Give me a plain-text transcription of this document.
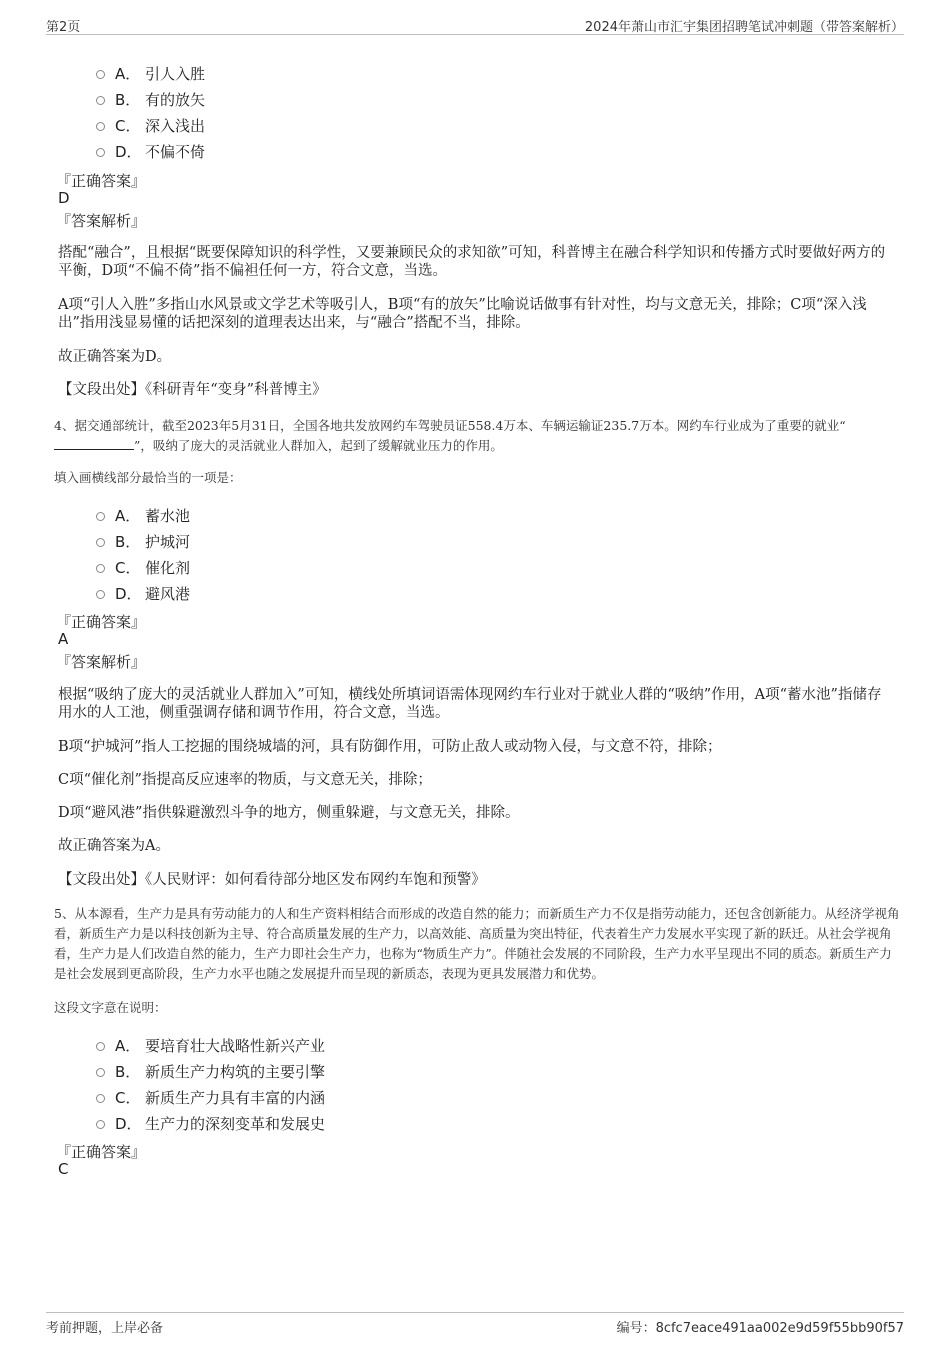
第2页	2024年萧山市汇宇集团招聘笔试冲刺题（带答案解析）
A． 引人入胜
B． 有的放矢
C． 深入浅出
D． 不偏不倚
『正确答案』
D
『答案解析』
搭配“融合”，且根据“既要保障知识的科学性，又要兼顾民众的求知欲”可知，科普博主在融合科学知识和传播方式时要做好两方的平衡，D项“不偏不倚”指不偏袒任何一方，符合文意，当选。
A项“引人入胜”多指山水风景或文学艺术等吸引人，B项“有的放矢”比喻说话做事有针对性，均与文意无关，排除；C项“深入浅出”指用浅显易懂的话把深刻的道理表达出来，与“融合”搭配不当，排除。
故正确答案为D。
【文段出处】《科研青年“变身”科普博主》
4、据交通部统计，截至2023年5月31日，全国各地共发放网约车驾驶员证558.4万本、车辆运输证235.7万本。网约车行业成为了重要的就业“”，吸纳了庞大的灵活就业人群加入，起到了缓解就业压力的作用。
填入画横线部分最恰当的一项是：
A． 蓄水池
B． 护城河
C． 催化剂
D． 避风港
『正确答案』
A
『答案解析』
根据“吸纳了庞大的灵活就业人群加入”可知，横线处所填词语需体现网约车行业对于就业人群的“吸纳”作用，A项“蓄水池”指储存用水的人工池，侧重强调存储和调节作用，符合文意，当选。
B项“护城河”指人工挖掘的围绕城墙的河，具有防御作用，可防止敌人或动物入侵，与文意不符，排除；
C项“催化剂”指提高反应速率的物质，与文意无关，排除；
D项“避风港”指供躲避激烈斗争的地方，侧重躲避，与文意无关，排除。
故正确答案为A。
【文段出处】《人民财评：如何看待部分地区发布网约车饱和预警》
5、从本源看，生产力是具有劳动能力的人和生产资料相结合而形成的改造自然的能力；而新质生产力不仅是指劳动能力，还包含创新能力。从经济学视角看，新质生产力是以科技创新为主导、符合高质量发展的生产力，以高效能、高质量为突出特征，代表着生产力发展水平实现了新的跃迁。从社会学视角看，生产力是人们改造自然的能力，生产力即社会生产力，也称为“物质生产力”。伴随社会发展的不同阶段，生产力水平呈现出不同的质态。新质生产力是社会发展到更高阶段，生产力水平也随之发展提升而呈现的新质态，表现为更具发展潜力和优势。
这段文字意在说明：
A． 要培育壮大战略性新兴产业
B． 新质生产力构筑的主要引擎
C． 新质生产力具有丰富的内涵
D． 生产力的深刻变革和发展史
『正确答案』
C
考前押题，上岸必备	编号：8cfc7eace491aa002e9d59f55bb90f57
